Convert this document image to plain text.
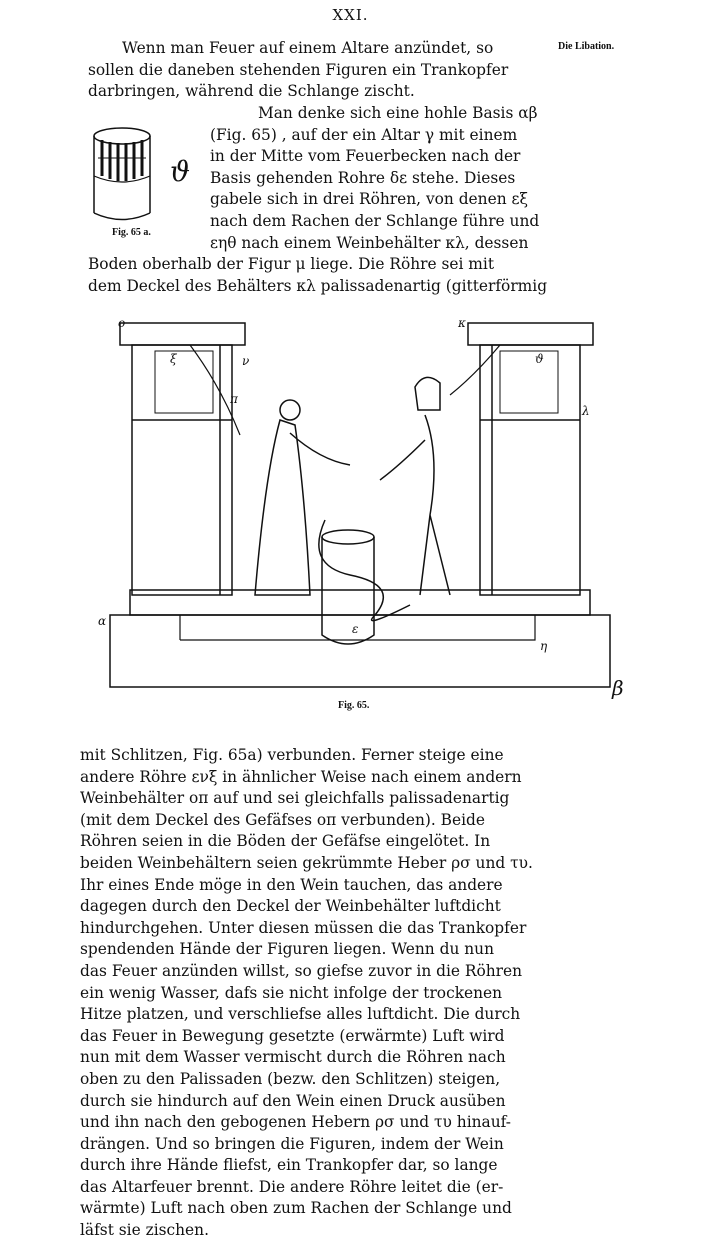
XXI.
Die Libation.
Wenn man Feuer auf einem Altare anzündet, so
sollen die daneben stehenden Figuren ein Trankopfer
darbringen, während die Schlange zischt.
ϑ
Fig. 65 a.
Man denke sich eine hohle Basis αβ
(Fig. 65) , auf der ein Altar γ mit einem
in der Mitte vom Feuerbecken nach der
Basis gehenden Rohre δε stehe. Dieses
gabele sich in drei Röhren, von denen εξ
nach dem Rachen der Schlange führe und
εηθ nach einem Weinbehälter κλ, dessen
Boden oberhalb der Figur μ liege. Die Röhre sei mit
dem Deckel des Behälters κλ palissadenartig (gitterförmig
o	κ
ξ	ϑ
ν
π
λ
α
ε
η
β
Fig. 65.
mit Schlitzen, Fig. 65a) verbunden. Ferner steige eine
andere Röhre ενξ in ähnlicher Weise nach einem andern
Weinbehälter oπ auf und sei gleichfalls palissadenartig
(mit dem Deckel des Gefäfses oπ verbunden). Beide
Röhren seien in die Böden der Gefäfse eingelötet. In
beiden Weinbehältern seien gekrümmte Heber ρσ und τυ.
Ihr eines Ende möge in den Wein tauchen, das andere
dagegen durch den Deckel der Weinbehälter luftdicht
hindurchgehen. Unter diesen müssen die das Trankopfer
spendenden Hände der Figuren liegen. Wenn du nun
das Feuer anzünden willst, so giefse zuvor in die Röhren
ein wenig Wasser, dafs sie nicht infolge der trockenen
Hitze platzen, und verschliefse alles luftdicht. Die durch
das Feuer in Bewegung gesetzte (erwärmte) Luft wird
nun mit dem Wasser vermischt durch die Röhren nach
oben zu den Palissaden (bezw. den Schlitzen) steigen,
durch sie hindurch auf den Wein einen Druck ausüben
und ihn nach den gebogenen Hebern ρσ und τυ hinauf-
drängen. Und so bringen die Figuren, indem der Wein
durch ihre Hände fliefst, ein Trankopfer dar, so lange
das Altarfeuer brennt. Die andere Röhre leitet die (er-
wärmte) Luft nach oben zum Rachen der Schlange und
läfst sie zischen.
